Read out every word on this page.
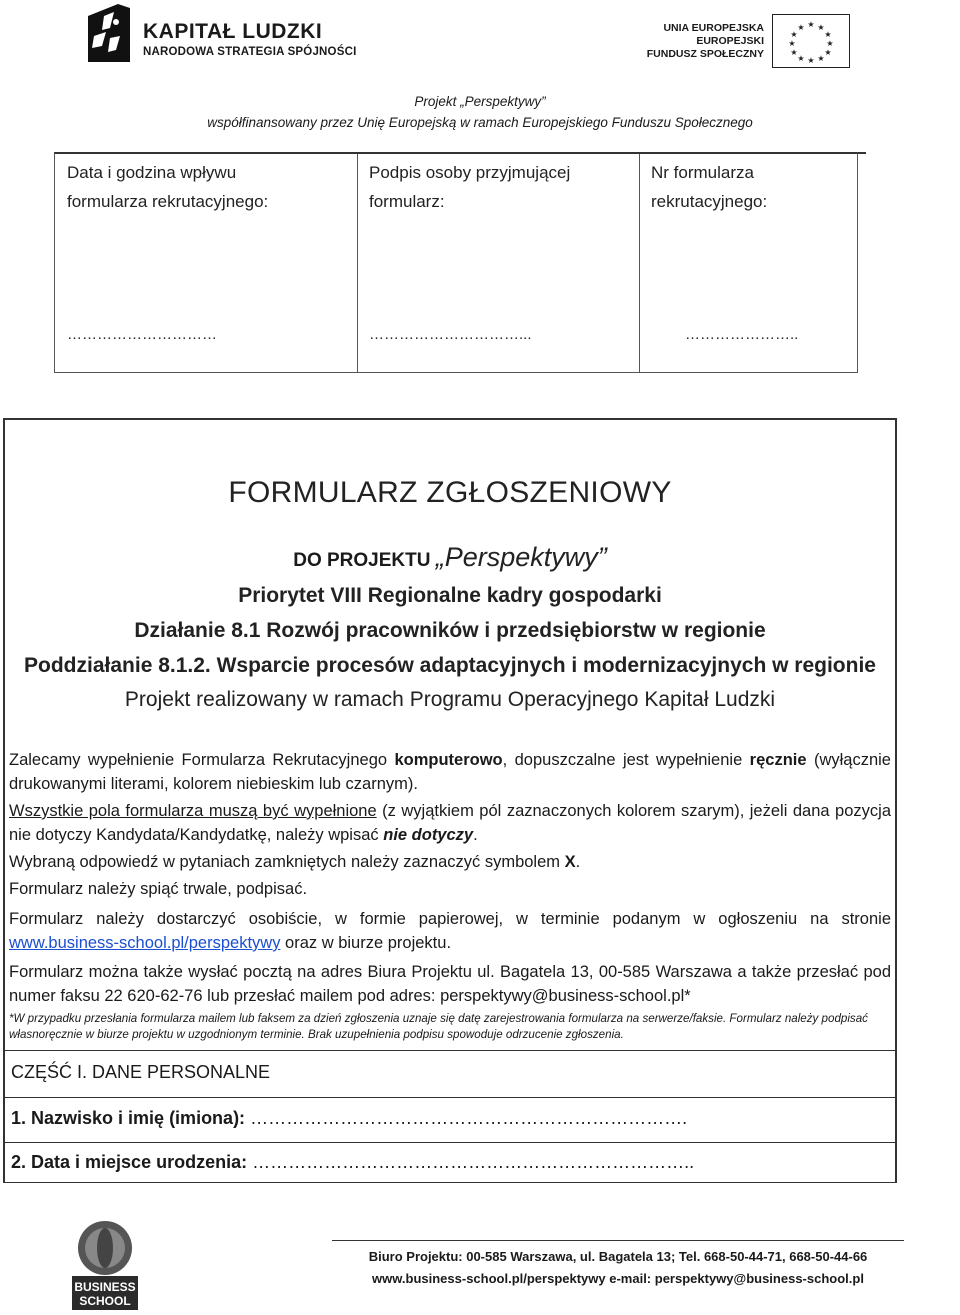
KAPITAŁ LUDZKI
NARODOWA STRATEGIA SPÓJNOŚCI
UNIA EUROPEJSKA
EUROPEJSKI
FUNDUSZ SPOŁECZNY
★ ★
★
★
★
★
★
★
★
★
★
★
Projekt „Perspektywy”
współfinansowany przez Unię Europejską w ramach Europejskiego Funduszu Społecznego
Data i godzina wpływu
formularza rekrutacyjnego:
…………………………
Podpis osoby przyjmującej
formularz:
…………………………...
Nr formularza
rekrutacyjnego:
…………………..
FORMULARZ ZGŁOSZENIOWY
DO PROJEKTU „Perspektywy”
Priorytet VIII Regionalne kadry gospodarki
Działanie 8.1 Rozwój pracowników i przedsiębiorstw w regionie
Poddziałanie 8.1.2. Wsparcie procesów adaptacyjnych i modernizacyjnych w regionie
Projekt realizowany w ramach Programu Operacyjnego Kapitał Ludzki
Zalecamy wypełnienie Formularza Rekrutacyjnego komputerowo, dopuszczalne jest wypełnienie ręcznie (wyłącznie drukowanymi literami, kolorem niebieskim lub czarnym).
Wszystkie pola formularza muszą być wypełnione (z wyjątkiem pól zaznaczonych kolorem szarym), jeżeli dana pozycja nie dotyczy Kandydata/Kandydatkę, należy wpisać nie dotyczy.
Wybraną odpowiedź w pytaniach zamkniętych należy zaznaczyć symbolem X.
Formularz należy spiąć trwale, podpisać.
Formularz należy dostarczyć osobiście, w formie papierowej, w terminie podanym w ogłoszeniu na stronie www.business-school.pl/perspektywy oraz w biurze projektu.
Formularz można także wysłać pocztą na adres Biura Projektu ul. Bagatela 13, 00-585 Warszawa a także przesłać pod numer faksu 22 620-62-76 lub przesłać mailem pod adres: perspektywy@business-school.pl*
*W przypadku przesłania formularza mailem lub faksem za dzień zgłoszenia uznaje się datę zarejestrowania formularza na serwerze/faksie. Formularz należy podpisać własnoręcznie w biurze projektu w uzgodnionym terminie. Brak uzupełnienia podpisu spowoduje odrzucenie zgłoszenia.
CZĘŚĆ I. DANE PERSONALNE
1. Nazwisko i imię (imiona): ……………………………………………………………….
2. Data i miejsce urodzenia: ………………………………………………………………..
BUSINESS
SCHOOL
Biuro Projektu: 00-585 Warszawa, ul. Bagatela 13; Tel. 668-50-44-71, 668-50-44-66
www.business-school.pl/perspektywy e-mail: perspektywy@business-school.pl
